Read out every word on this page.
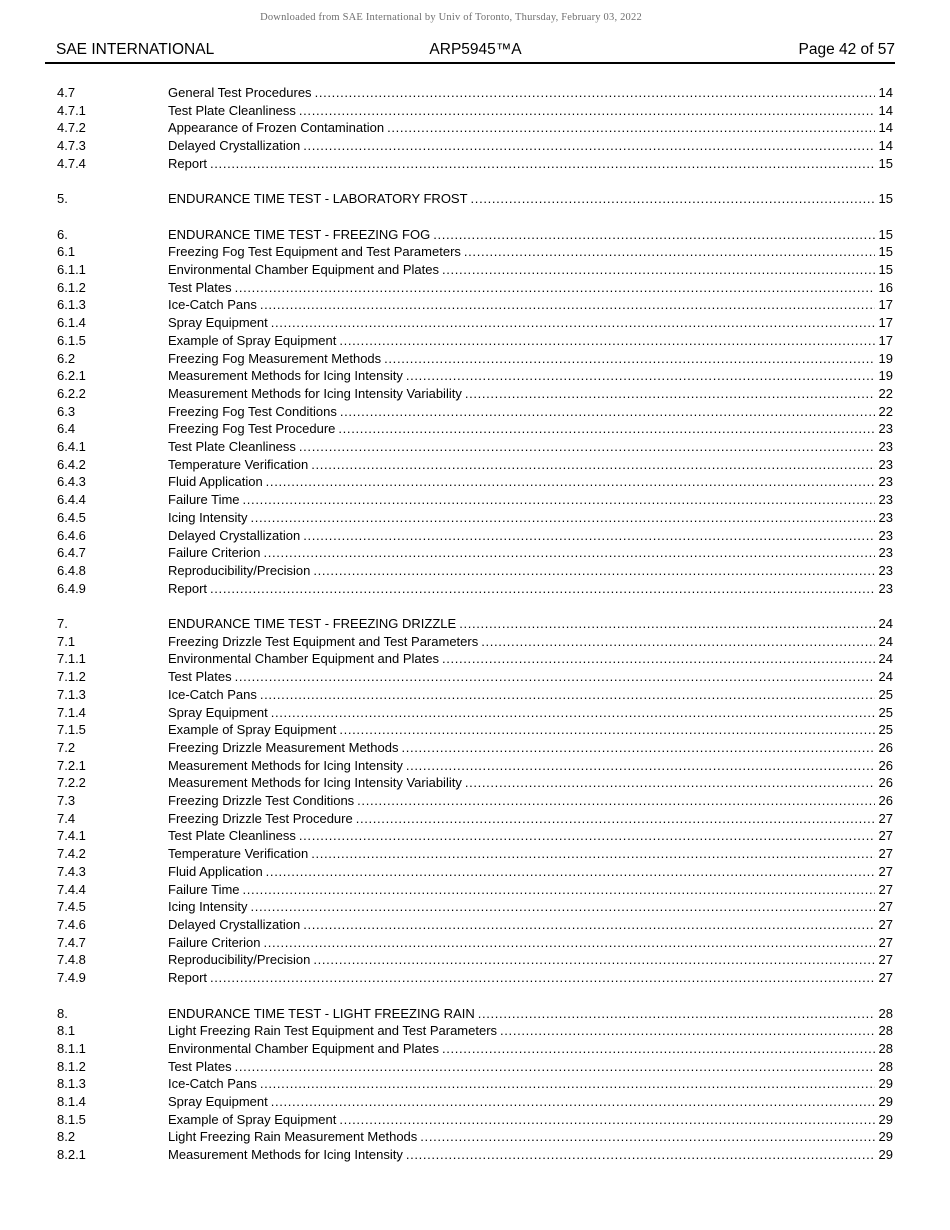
Downloaded from SAE International by Univ of Toronto, Thursday, February 03, 2022
SAE INTERNATIONAL	ARP5945™A	Page 42 of 57
4.7	General Test Procedures .....	14
4.7.1	Test Plate Cleanliness .....	14
4.7.2	Appearance of Frozen Contamination .....	14
4.7.3	Delayed Crystallization .....	14
4.7.4	Report .....	15
5.	ENDURANCE TIME TEST - LABORATORY FROST .....	15
6.	ENDURANCE TIME TEST - FREEZING FOG .....	15
6.1	Freezing Fog Test Equipment and Test Parameters .....	15
6.1.1	Environmental Chamber Equipment and Plates .....	15
6.1.2	Test Plates .....	16
6.1.3	Ice-Catch Pans .....	17
6.1.4	Spray Equipment .....	17
6.1.5	Example of Spray Equipment .....	17
6.2	Freezing Fog Measurement Methods .....	19
6.2.1	Measurement Methods for Icing Intensity .....	19
6.2.2	Measurement Methods for Icing Intensity Variability .....	22
6.3	Freezing Fog Test Conditions .....	22
6.4	Freezing Fog Test Procedure .....	23
6.4.1	Test Plate Cleanliness .....	23
6.4.2	Temperature Verification .....	23
6.4.3	Fluid Application .....	23
6.4.4	Failure Time .....	23
6.4.5	Icing Intensity .....	23
6.4.6	Delayed Crystallization .....	23
6.4.7	Failure Criterion .....	23
6.4.8	Reproducibility/Precision .....	23
6.4.9	Report .....	23
7.	ENDURANCE TIME TEST - FREEZING DRIZZLE .....	24
7.1	Freezing Drizzle Test Equipment and Test Parameters .....	24
7.1.1	Environmental Chamber Equipment and Plates .....	24
7.1.2	Test Plates .....	24
7.1.3	Ice-Catch Pans .....	25
7.1.4	Spray Equipment .....	25
7.1.5	Example of Spray Equipment .....	25
7.2	Freezing Drizzle Measurement Methods .....	26
7.2.1	Measurement Methods for Icing Intensity .....	26
7.2.2	Measurement Methods for Icing Intensity Variability .....	26
7.3	Freezing Drizzle Test Conditions .....	26
7.4	Freezing Drizzle Test Procedure .....	27
7.4.1	Test Plate Cleanliness .....	27
7.4.2	Temperature Verification .....	27
7.4.3	Fluid Application .....	27
7.4.4	Failure Time .....	27
7.4.5	Icing Intensity .....	27
7.4.6	Delayed Crystallization .....	27
7.4.7	Failure Criterion .....	27
7.4.8	Reproducibility/Precision .....	27
7.4.9	Report .....	27
8.	ENDURANCE TIME TEST - LIGHT FREEZING RAIN .....	28
8.1	Light Freezing Rain Test Equipment and Test Parameters .....	28
8.1.1	Environmental Chamber Equipment and Plates .....	28
8.1.2	Test Plates .....	28
8.1.3	Ice-Catch Pans .....	29
8.1.4	Spray Equipment .....	29
8.1.5	Example of Spray Equipment .....	29
8.2	Light Freezing Rain Measurement Methods .....	29
8.2.1	Measurement Methods for Icing Intensity .....	29
